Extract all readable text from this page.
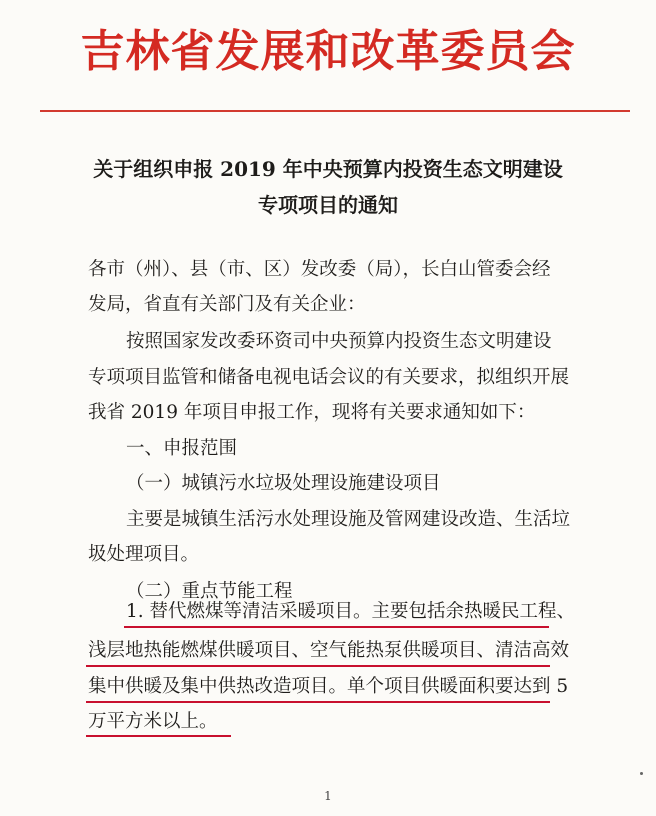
吉林省发展和改革委员会
关于组织申报 2019 年中央预算内投资生态文明建设
专项项目的通知
各市（州）、县（市、区）发改委（局），长白山管委会经
发局，省直有关部门及有关企业：
按照国家发改委环资司中央预算内投资生态文明建设
专项项目监管和储备电视电话会议的有关要求，拟组织开展
我省 2019 年项目申报工作，现将有关要求通知如下：
一、申报范围
（一）城镇污水垃圾处理设施建设项目
主要是城镇生活污水处理设施及管网建设改造、生活垃
圾处理项目。
（二）重点节能工程
1. 替代燃煤等清洁采暖项目。主要包括余热暖民工程、
浅层地热能燃煤供暖项目、空气能热泵供暖项目、清洁高效
集中供暖及集中供热改造项目。单个项目供暖面积要达到 5
万平方米以上。
1
